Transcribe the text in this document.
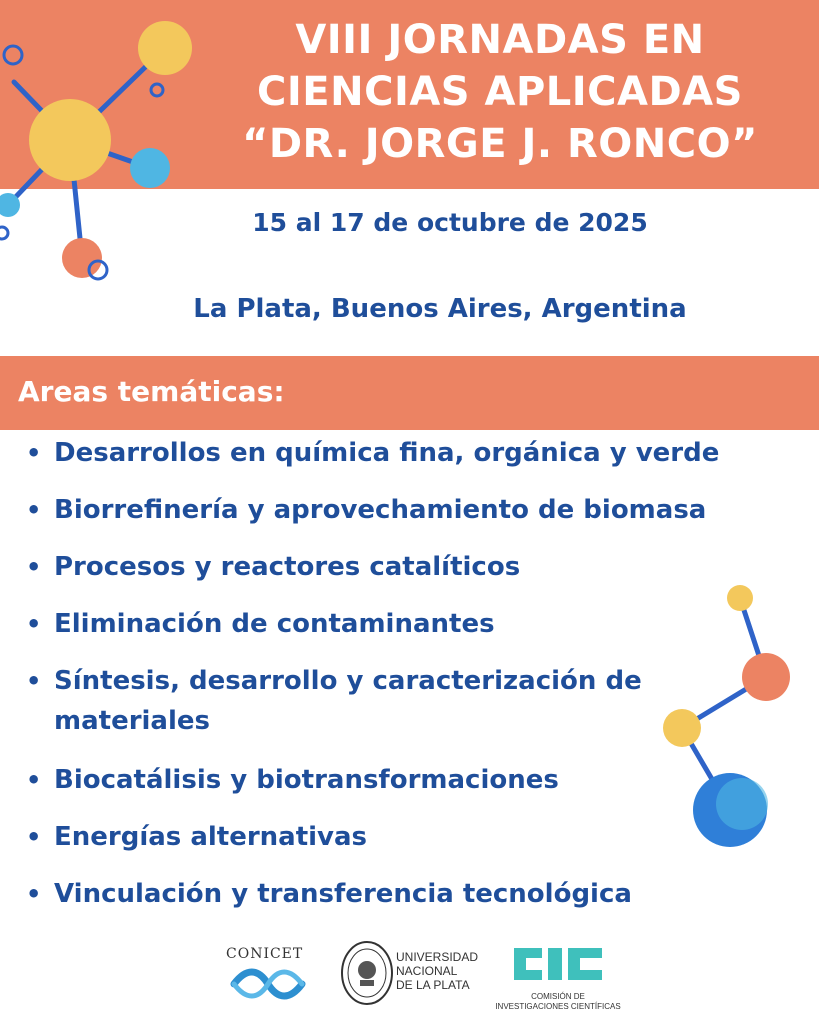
VIII JORNADAS EN
CIENCIAS APLICADAS
“DR. JORGE J. RONCO”
15 al 17 de octubre de 2025
La Plata, Buenos Aires, Argentina
Areas temáticas:
• Desarrollos en química fina, orgánica y verde
• Biorrefinería y aprovechamiento de biomasa
• Procesos y reactores catalíticos
• Eliminación de contaminantes
• Síntesis, desarrollo y caracterización de materiales
• Biocatálisis y biotransformaciones
• Energías alternativas
• Vinculación y transferencia tecnológica
CONICET	UNIVERSIDAD
NACIONAL
DE LA PLATA
COMISIÓN DE
INVESTIGACIONES CIENTÍFICAS
